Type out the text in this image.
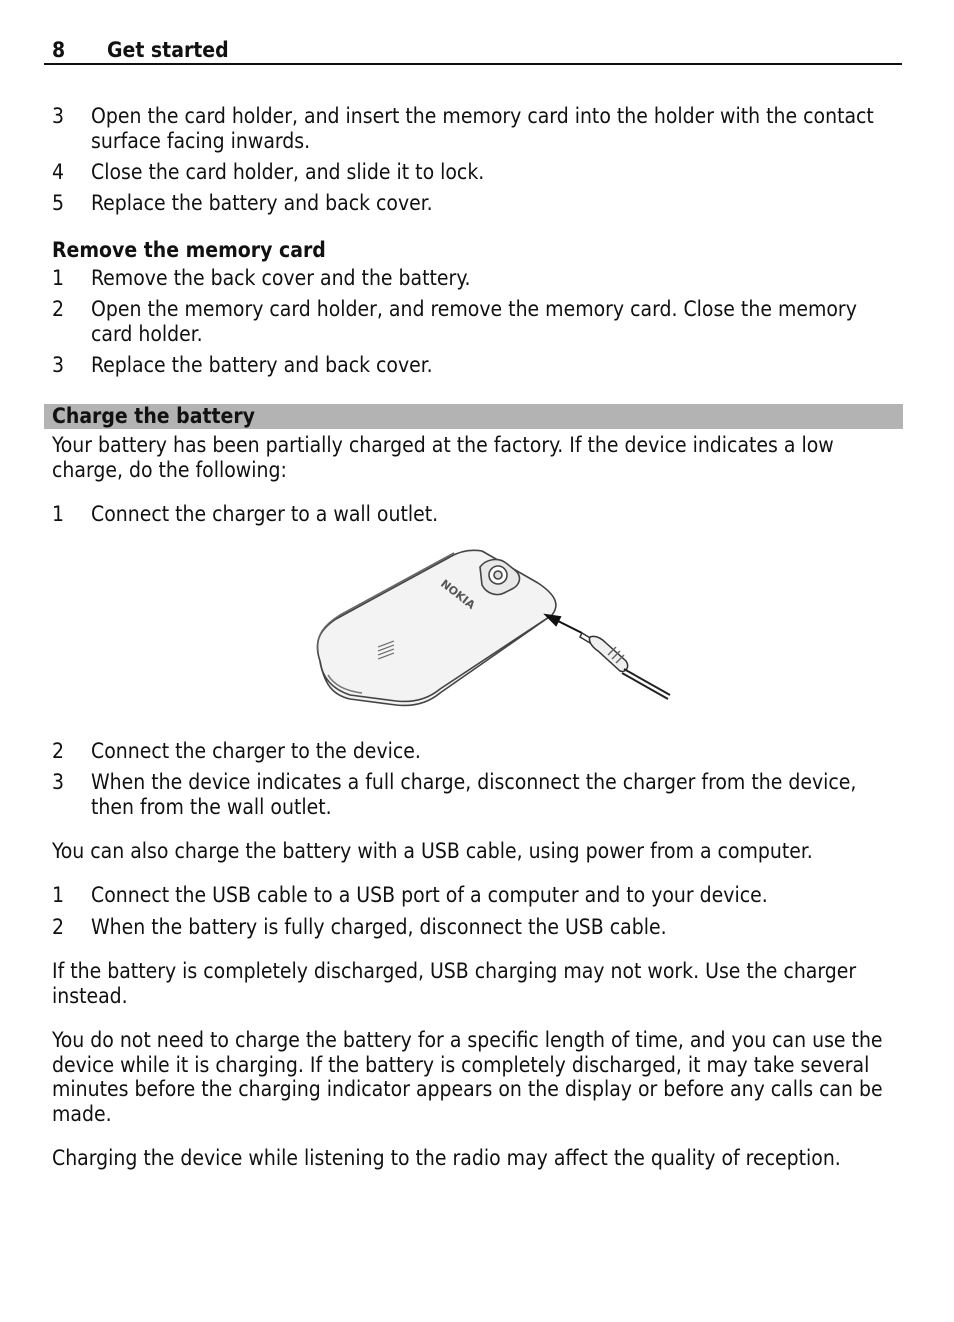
8 Get started
3 Open the card holder, and insert the memory card into the holder with the contact surface facing inwards.
4 Close the card holder, and slide it to lock.
5 Replace the battery and back cover.
Remove the memory card
1 Remove the back cover and the battery.
2 Open the memory card holder, and remove the memory card. Close the memory card holder.
3 Replace the battery and back cover.
Charge the battery
Your battery has been partially charged at the factory. If the device indicates a low charge, do the following:
1 Connect the charger to a wall outlet.
NOKIA
2 Connect the charger to the device.
3 When the device indicates a full charge, disconnect the charger from the device, then from the wall outlet.
You can also charge the battery with a USB cable, using power from a computer.
1 Connect the USB cable to a USB port of a computer and to your device.
2 When the battery is fully charged, disconnect the USB cable.
If the battery is completely discharged, USB charging may not work. Use the charger instead.
You do not need to charge the battery for a specific length of time, and you can use the device while it is charging. If the battery is completely discharged, it may take several minutes before the charging indicator appears on the display or before any calls can be made.
Charging the device while listening to the radio may affect the quality of reception.
